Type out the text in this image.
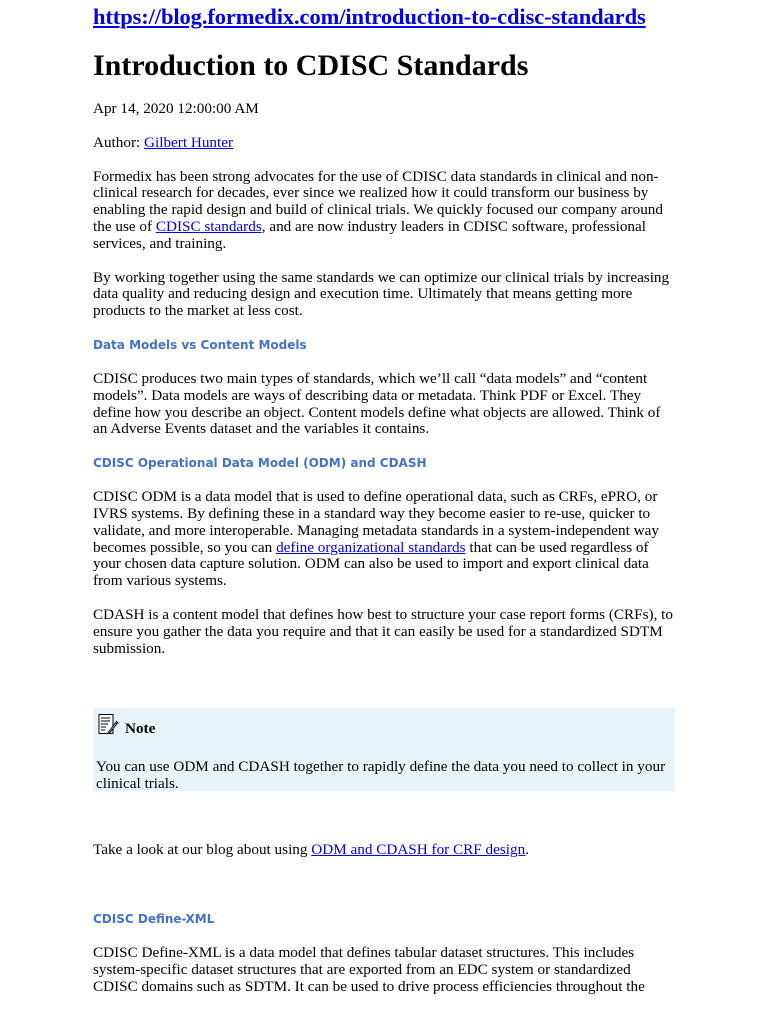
https://blog.formedix.com/introduction-to-cdisc-standards
Introduction to CDISC Standards

Apr 14, 2020 12:00:00 AM

Author: Gilbert Hunter

Formedix has been strong advocates for the use of CDISC data standards in clinical and non-clinical research for decades, ever since we realized how it could transform our business by enabling the rapid design and build of clinical trials. We quickly focused our company around the use of CDISC standards, and are now industry leaders in CDISC software, professional services, and training.

By working together using the same standards we can optimize our clinical trials by increasing data quality and reducing design and execution time. Ultimately that means getting more products to the market at less cost.

Data Models vs Content Models

CDISC produces two main types of standards, which we’ll call “data models” and “content models”. Data models are ways of describing data or metadata. Think PDF or Excel. They define how you describe an object. Content models define what objects are allowed. Think of an Adverse Events dataset and the variables it contains.

CDISC Operational Data Model (ODM) and CDASH

CDISC ODM is a data model that is used to define operational data, such as CRFs, ePRO, or IVRS systems. By defining these in a standard way they become easier to re-use, quicker to validate, and more interoperable. Managing metadata standards in a system-independent way becomes possible, so you can define organizational standards that can be used regardless of your chosen data capture solution. ODM can also be used to import and export clinical data from various systems.

CDASH is a content model that defines how best to structure your case report forms (CRFs), to ensure you gather the data you require and that it can easily be used for a standardized SDTM submission.

Note

You can use ODM and CDASH together to rapidly define the data you need to collect in your clinical trials.

Take a look at our blog about using ODM and CDASH for CRF design.

CDISC Define-XML

CDISC Define-XML is a data model that defines tabular dataset structures. This includes system-specific dataset structures that are exported from an EDC system or standardized CDISC domains such as SDTM. It can be used to drive process efficiencies throughout the
